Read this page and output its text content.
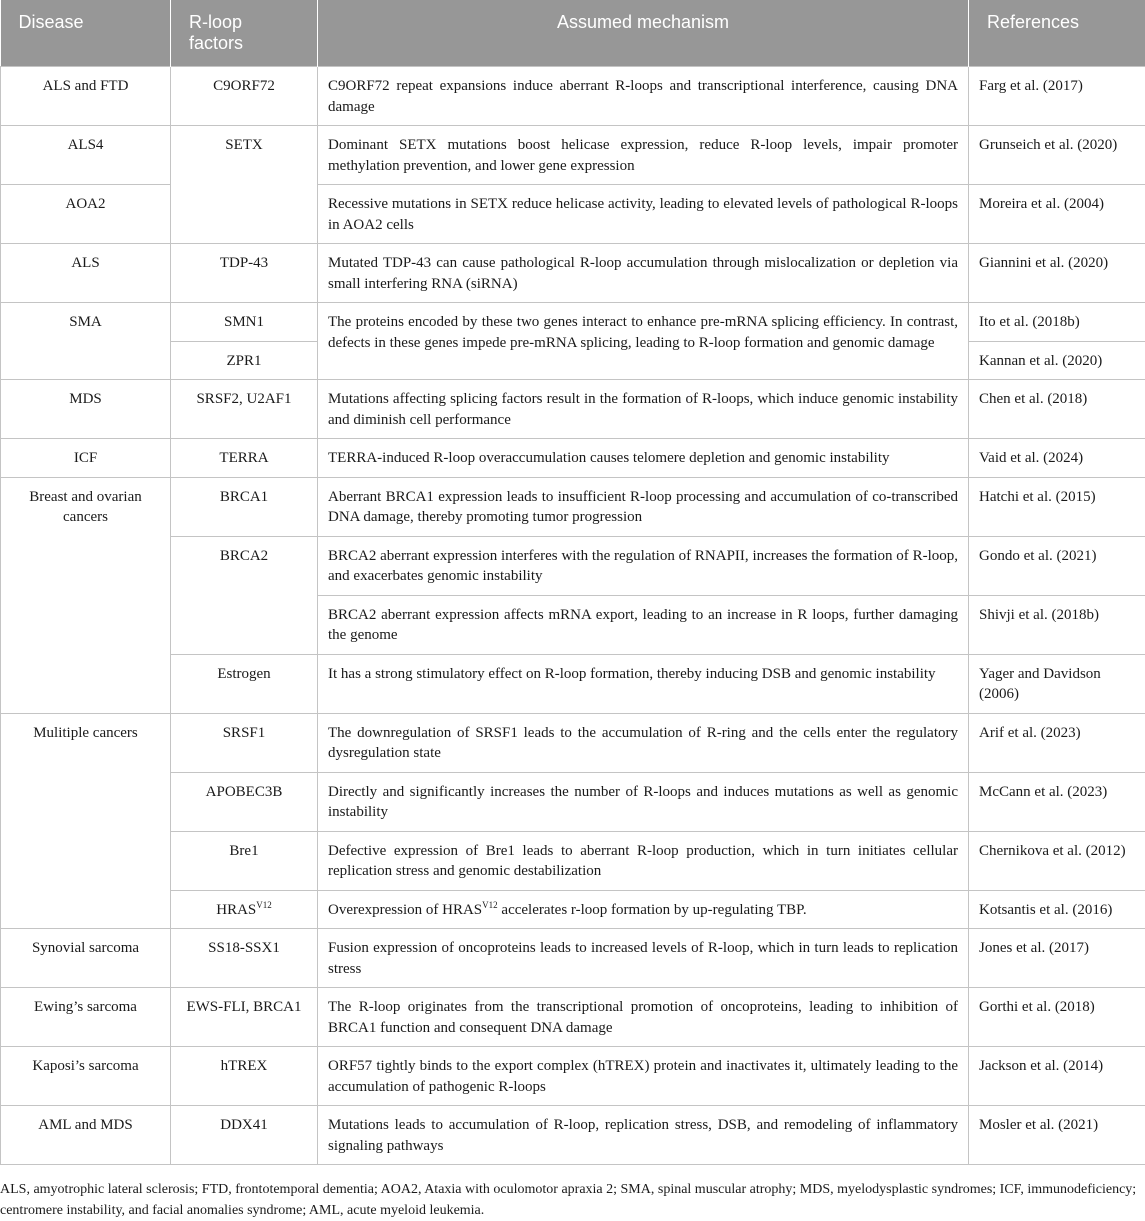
Disease	R-loop factors	Assumed mechanism	References
ALS and FTD	C9ORF72	C9ORF72 repeat expansions induce aberrant R-loops and transcriptional interference, causing DNA damage	Farg et al. (2017)
ALS4	SETX	Dominant SETX mutations boost helicase expression, reduce R-loop levels, impair promoter methylation prevention, and lower gene expression	Grunseich et al. (2020)
AOA2		Recessive mutations in SETX reduce helicase activity, leading to elevated levels of pathological R-loops in AOA2 cells	Moreira et al. (2004)
ALS	TDP-43	Mutated TDP-43 can cause pathological R-loop accumulation through mislocalization or depletion via small interfering RNA (siRNA)	Giannini et al. (2020)
SMA	SMN1	The proteins encoded by these two genes interact to enhance pre-mRNA splicing efficiency. In contrast, defects in these genes impede pre-mRNA splicing, leading to R-loop formation and genomic damage	Ito et al. (2018b)
	ZPR1		Kannan et al. (2020)
MDS	SRSF2, U2AF1	Mutations affecting splicing factors result in the formation of R-loops, which induce genomic instability and diminish cell performance	Chen et al. (2018)
ICF	TERRA	TERRA-induced R-loop overaccumulation causes telomere depletion and genomic instability	Vaid et al. (2024)
Breast and ovarian cancers	BRCA1	Aberrant BRCA1 expression leads to insufficient R-loop processing and accumulation of co-transcribed DNA damage, thereby promoting tumor progression	Hatchi et al. (2015)
	BRCA2	BRCA2 aberrant expression interferes with the regulation of RNAPII, increases the formation of R-loop, and exacerbates genomic instability	Gondo et al. (2021)
		BRCA2 aberrant expression affects mRNA export, leading to an increase in R loops, further damaging the genome	Shivji et al. (2018b)
	Estrogen	It has a strong stimulatory effect on R-loop formation, thereby inducing DSB and genomic instability	Yager and Davidson (2006)
Mulitiple cancers	SRSF1	The downregulation of SRSF1 leads to the accumulation of R-ring and the cells enter the regulatory dysregulation state	Arif et al. (2023)
	APOBEC3B	Directly and significantly increases the number of R-loops and induces mutations as well as genomic instability	McCann et al. (2023)
	Bre1	Defective expression of Bre1 leads to aberrant R-loop production, which in turn initiates cellular replication stress and genomic destabilization	Chernikova et al. (2012)
	$HRAS^{V12}$	Overexpression of $HRAS^{V12}$ accelerates r-loop formation by up-regulating TBP.	Kotsantis et al. (2016)
Synovial sarcoma	SS18-SSX1	Fusion expression of oncoproteins leads to increased levels of R-loop, which in turn leads to replication stress	Jones et al. (2017)
Ewing’s sarcoma	EWS-FLI, BRCA1	The R-loop originates from the transcriptional promotion of oncoproteins, leading to inhibition of BRCA1 function and consequent DNA damage	Gorthi et al. (2018)
Kaposi’s sarcoma	hTREX	ORF57 tightly binds to the export complex (hTREX) protein and inactivates it, ultimately leading to the accumulation of pathogenic R-loops	Jackson et al. (2014)
AML and MDS	DDX41	Mutations leads to accumulation of R-loop, replication stress, DSB, and remodeling of inflammatory signaling pathways	Mosler et al. (2021)
ALS, amyotrophic lateral sclerosis; FTD, frontotemporal dementia; AOA2, Ataxia with oculomotor apraxia 2; SMA, spinal muscular atrophy; MDS, myelodysplastic syndromes; ICF, immunodeficiency; centromere instability, and facial anomalies syndrome; AML, acute myeloid leukemia.
